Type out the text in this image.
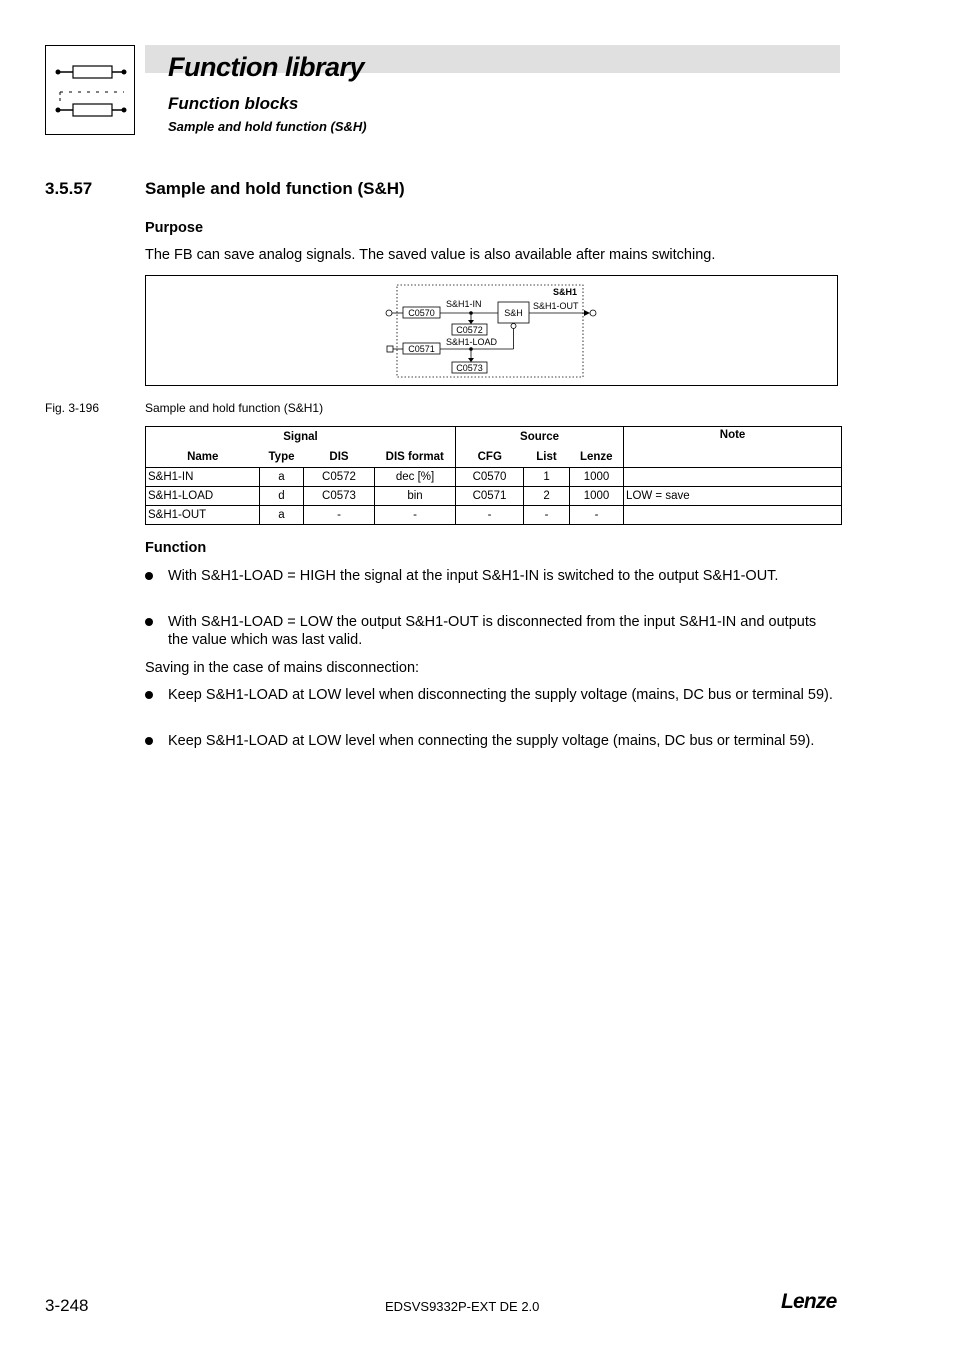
Function library
Function blocks
Sample and hold function (S&H)
3.5.57	Sample and hold function (S&H)
Purpose
The FB can save analog signals. The saved value is also available after mains switching.
S&H1
C0570
S&H1-IN
C0572
S&H
S&H1-OUT
C0571
S&H1-LOAD
C0573
Fig. 3-196	Sample and hold function (S&H1)
Signal				Source			Note
Name	Type	DIS	DIS format	CFG	List	Lenze	
S&H1-IN	a	C0572	dec [%]	C0570	1	1000	
S&H1-LOAD	d	C0573	bin	C0571	2	1000	LOW = save
S&H1-OUT	a	-	-	-	-	-	
Function
With S&H1-LOAD = HIGH the signal at the input S&H1-IN is switched to the output S&H1-OUT.
With S&H1-LOAD = LOW the output S&H1-OUT is disconnected from the input S&H1-IN and outputs the value which was last valid.
Saving in the case of mains disconnection:
Keep S&H1-LOAD at LOW level when disconnecting the supply voltage (mains, DC bus or terminal 59).
Keep S&H1-LOAD at LOW level when connecting the supply voltage (mains, DC bus or terminal 59).
3-248	EDSVS9332P-EXT DE 2.0	Lenze
